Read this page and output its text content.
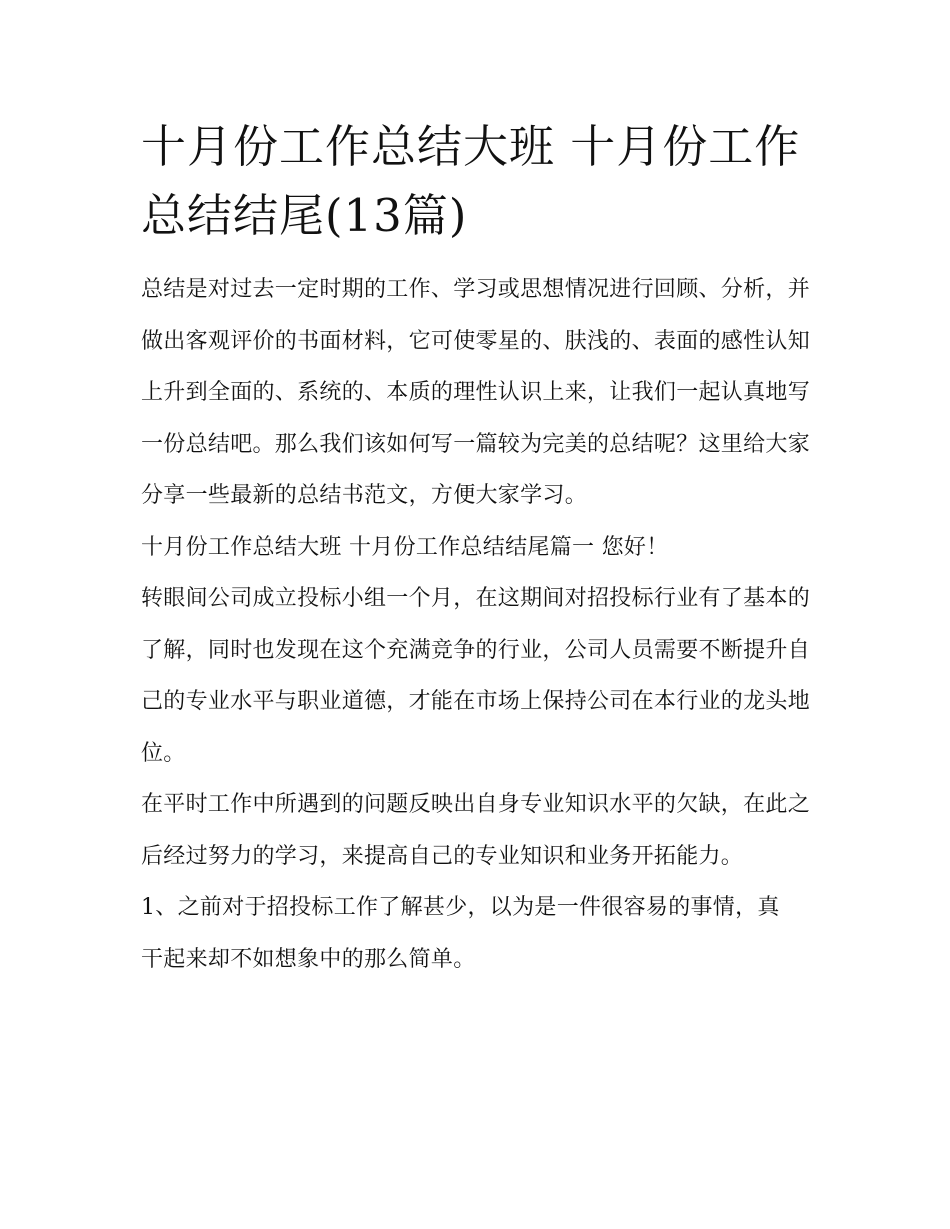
十月份工作总结大班 十月份工作总结结尾(13篇)

总结是对过去一定时期的工作、学习或思想情况进行回顾、分析，并做出客观评价的书面材料，它可使零星的、肤浅的、表面的感性认知上升到全面的、系统的、本质的理性认识上来，让我们一起认真地写一份总结吧。那么我们该如何写一篇较为完美的总结呢？这里给大家分享一些最新的总结书范文，方便大家学习。

十月份工作总结大班 十月份工作总结结尾篇一 您好！

转眼间公司成立投标小组一个月，在这期间对招投标行业有了基本的了解，同时也发现在这个充满竞争的行业，公司人员需要不断提升自己的专业水平与职业道德，才能在市场上保持公司在本行业的龙头地位。

在平时工作中所遇到的问题反映出自身专业知识水平的欠缺，在此之后经过努力的学习，来提高自己的专业知识和业务开拓能力。

1、之前对于招投标工作了解甚少，以为是一件很容易的事情，真干起来却不如想象中的那么简单。
